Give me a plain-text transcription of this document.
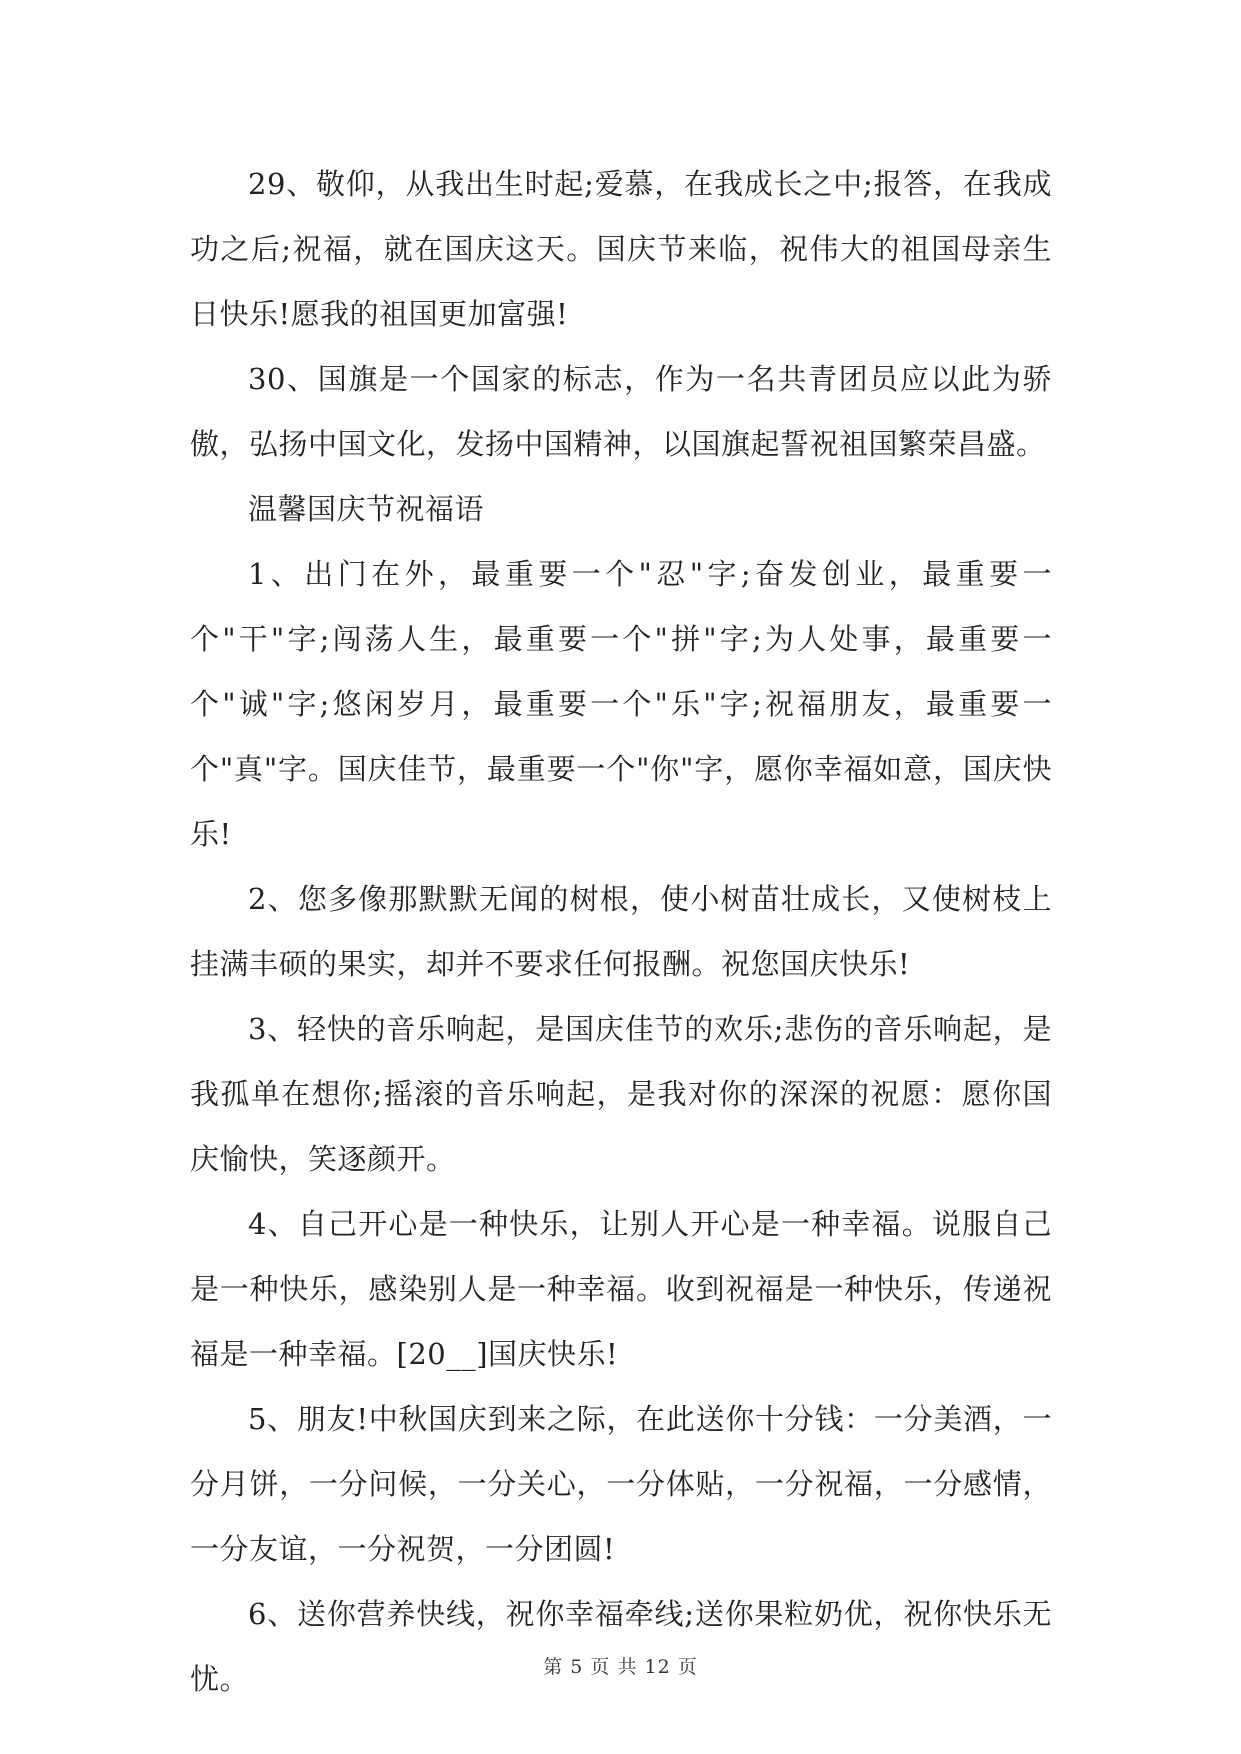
29、敬仰，从我出生时起;爱慕，在我成长之中;报答，在我成功之后;祝福，就在国庆这天。国庆节来临，祝伟大的祖国母亲生日快乐!愿我的祖国更加富强!

30、国旗是一个国家的标志，作为一名共青团员应以此为骄傲，弘扬中国文化，发扬中国精神，以国旗起誓祝祖国繁荣昌盛。

温馨国庆节祝福语

1、出门在外，最重要一个"忍"字;奋发创业，最重要一个"干"字;闯荡人生，最重要一个"拼"字;为人处事，最重要一个"诚"字;悠闲岁月，最重要一个"乐"字;祝福朋友，最重要一个"真"字。国庆佳节，最重要一个"你"字，愿你幸福如意，国庆快乐!

2、您多像那默默无闻的树根，使小树苗壮成长，又使树枝上挂满丰硕的果实，却并不要求任何报酬。祝您国庆快乐!

3、轻快的音乐响起，是国庆佳节的欢乐;悲伤的音乐响起，是我孤单在想你;摇滚的音乐响起，是我对你的深深的祝愿：愿你国庆愉快，笑逐颜开。

4、自己开心是一种快乐，让别人开心是一种幸福。说服自己是一种快乐，感染别人是一种幸福。收到祝福是一种快乐，传递祝福是一种幸福。[20__]国庆快乐!

5、朋友!中秋国庆到来之际，在此送你十分钱：一分美酒，一分月饼，一分问候，一分关心，一分体贴，一分祝福，一分感情，一分友谊，一分祝贺，一分团圆!

6、送你营养快线，祝你幸福牵线;送你果粒奶优，祝你快乐无忧。	第 5 页 共 12 页
